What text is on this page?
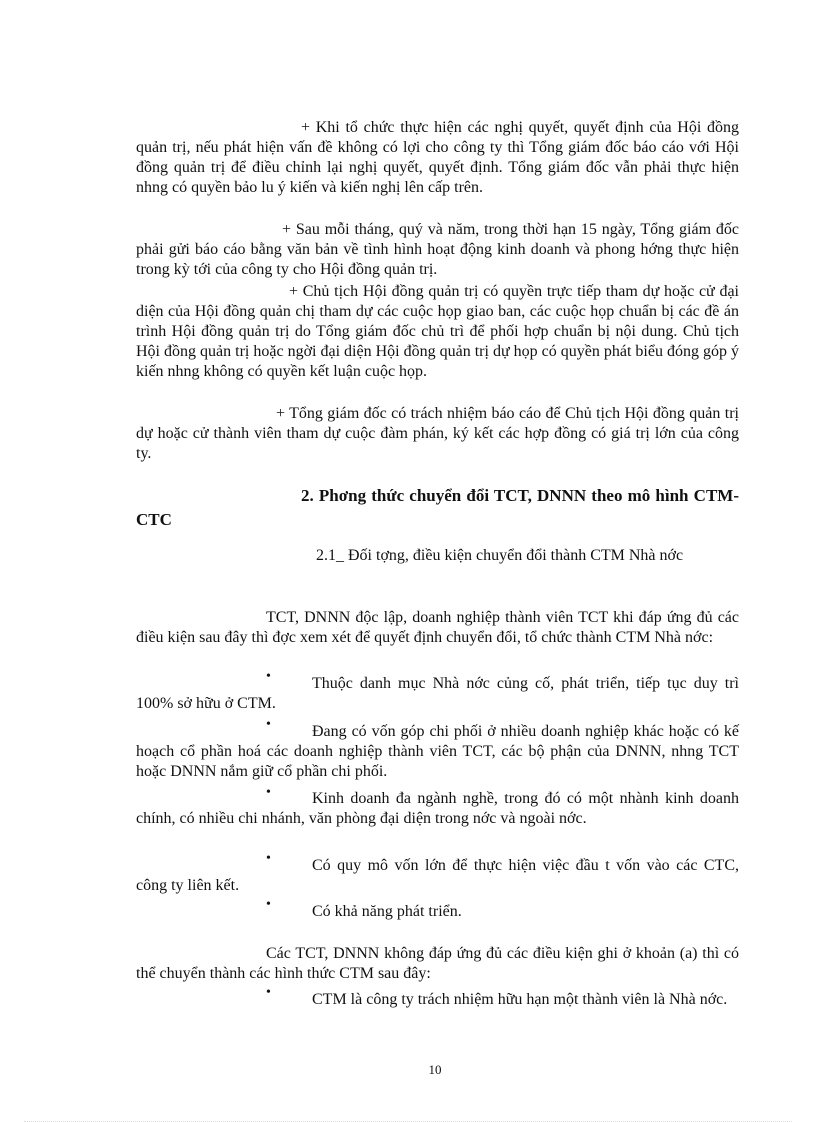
+ Khi tổ chức thực hiện các nghị quyết, quyết định của Hội đồng quản trị, nếu phát hiện vấn đề không có lợi cho công ty thì Tổng giám đốc báo cáo với Hội đồng quản trị để điều chỉnh lại nghị quyết, quyết định. Tổng giám đốc vẫn phải thực hiện nhng có quyền bảo lu ý kiến và kiến nghị lên cấp trên.

+ Sau mỗi tháng, quý và năm, trong thời hạn 15 ngày, Tổng giám đốc phải gửi báo cáo bằng văn bản về tình hình hoạt động kinh doanh và phong hớng thực hiện trong kỳ tới của công ty cho Hội đồng quản trị.

+ Chủ tịch Hội đồng quản trị có quyền trực tiếp tham dự hoặc cử đại diện của Hội đồng quản chị tham dự các cuộc họp giao ban, các cuộc họp chuẩn bị các đề án trình Hội đồng quản trị do Tổng giám đốc chủ trì để phối hợp chuẩn bị nội dung. Chủ tịch Hội đồng quản trị hoặc ngời đại diện Hội đồng quản trị dự họp có quyền phát biểu đóng góp ý kiến nhng không có quyền kết luận cuộc họp.

+ Tổng giám đốc có trách nhiệm báo cáo để Chủ tịch Hội đồng quản trị dự hoặc cử thành viên tham dự cuộc đàm phán, ký kết các hợp đồng có giá trị lớn của công ty.

2. Phơng thức chuyển đổi TCT, DNNN theo mô hình CTM-CTC

2.1_ Đối tợng, điều kiện chuyển đổi thành CTM Nhà nớc

TCT, DNNN độc lập, doanh nghiệp thành viên TCT khi đáp ứng đủ các điều kiện sau đây thì đợc xem xét để quyết định chuyển đổi, tổ chức thành CTM Nhà nớc:

•	Thuộc danh mục Nhà nớc củng cố, phát triển, tiếp tục duy trì 100% sở hữu ở CTM.

•	Đang có vốn góp chi phối ở nhiều doanh nghiệp khác hoặc có kế hoạch cổ phần hoá các doanh nghiệp thành viên TCT, các bộ phận của DNNN, nhng TCT hoặc DNNN nắm giữ cổ phần chi phối.

•	Kinh doanh đa ngành nghề, trong đó có một nhành kinh doanh chính, có nhiều chi nhánh, văn phòng đại diện trong nớc và ngoài nớc.

•	Có quy mô vốn lớn để thực hiện việc đầu t vốn vào các CTC, công ty liên kết.

•	Có khả năng phát triển.

Các TCT, DNNN không đáp ứng đủ các điều kiện ghi ở khoản (a) thì có thể chuyển thành các hình thức CTM sau đây:

•	CTM là công ty trách nhiệm hữu hạn một thành viên là Nhà nớc.

10
